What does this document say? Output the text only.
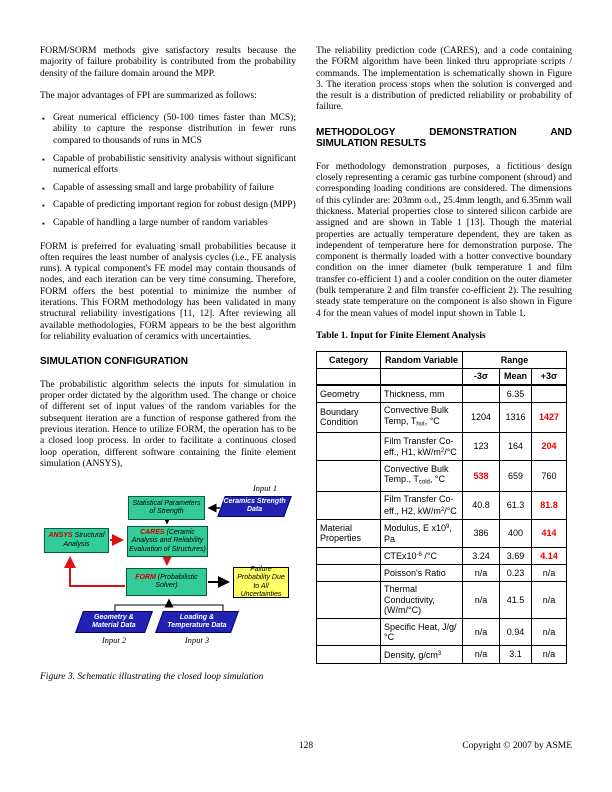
FORM/SORM methods give satisfactory results because the majority of failure probability is contributed from the probability density of the failure domain around the MPP.

The major advantages of FPI are summarized as follows:

▪ Great numerical efficiency (50-100 times faster than MCS); ability to capture the response distribution in fewer runs compared to thousands of runs in MCS
▪ Capable of probabilistic sensitivity analysis without significant numerical efforts
▪ Capable of assessing small and large probability of failure
▪ Capable of predicting important region for robust design (MPP)
▪ Capable of handling a large number of random variables

FORM is preferred for evaluating small probabilities because it often requires the least number of analysis cycles (i.e., FE analysis runs). A typical component's FE model may contain thousands of nodes, and each iteration can be very time consuming. Therefore, FORM offers the best potential to minimize the number of iterations. This FORM methodology has been validated in many structural reliability investigations [11, 12]. After reviewing all available methodologies, FORM appears to be the best algorithm for reliability evaluation of ceramics with uncertainties.

SIMULATION CONFIGURATION

The probabilistic algorithm selects the inputs for simulation in proper order dictated by the algorithm used. The change or choice of different set of input values of the random variables for the subsequent iteration are a function of response gathered from the previous iteration. Hence to utilize FORM, the operation has to be a closed loop process. In order to facilitate a continuous closed loop operation, different software containing the finite element simulation (ANSYS),

Input 1
Ceramics Strength Data
Statistical Parameters of Strength
ANSYS Structural Analysis
CARES (Ceramic Analysis and Reliability Evaluation of Structures)
FORM (Probabilistic Solver)
Failure Probability Due to All Uncertainties
Geometry & Material Data
Loading & Temperature Data
Input 2	Input 3
Figure 3. Schematic illustrating the closed loop simulation

The reliability prediction code (CARES), and a code containing the FORM algorithm have been linked thru appropriate scripts / commands. The implementation is schematically shown in Figure 3. The iteration process stops when the solution is converged and the result is a distribution of predicted reliability or probability of failure.

METHODOLOGY DEMONSTRATION AND
SIMULATION RESULTS

For methodology demonstration purposes, a fictitious design closely representing a ceramic gas turbine component (shroud) and corresponding loading conditions are considered. The dimensions of this cylinder are: 203mm o.d., 25.4mm length, and 6.35mm wall thickness. Material properties close to sintered silicon carbide are assigned and are shown in Table 1 [13]. Though the material properties are actually temperature dependent, they are taken as independent of temperature here for demonstration purpose. The component is thermally loaded with a hotter convective boundary condition on the inner diameter (bulk temperature 1 and film transfer co-efficient 1) and a cooler condition on the outer diameter (bulk temperature 2 and film transfer co-efficient 2). The resulting steady state temperature on the component is also shown in Figure 4 for the mean values of model input shown in Table 1.

Table 1. Input for Finite Element Analysis
Category	Random Variable	Range		
		-3σ	Mean	+3σ
Geometry	Thickness, mm		6.35	
Boundary Condition	Convective Bulk Temp, $T_{hot}$, °C	1204	1316	1427
	Film Transfer Co-eff., H1, $kW/m^2/^\circ C$	123	164	204
	Convective Bulk Temp., $T_{cold}$, °C	538	659	760
	Film Transfer Co-eff., H2, $kW/m^2/^\circ C$	40.8	61.3	81.8
Material Properties	Modulus, E $x10^9$, Pa	386	400	414
	$CTEx10^{-6}$ /°C	3.24	3.69	4.14
	Poisson's Ratio	n/a	0.23	n/a
	Thermal Conductivity, (W/m/°C)	n/a	41.5	n/a
	Specific Heat, J/g/°C	n/a	0.94	n/a
	Density, $g/cm^3$	n/a	3.1	n/a
128	Copyright © 2007 by ASME
